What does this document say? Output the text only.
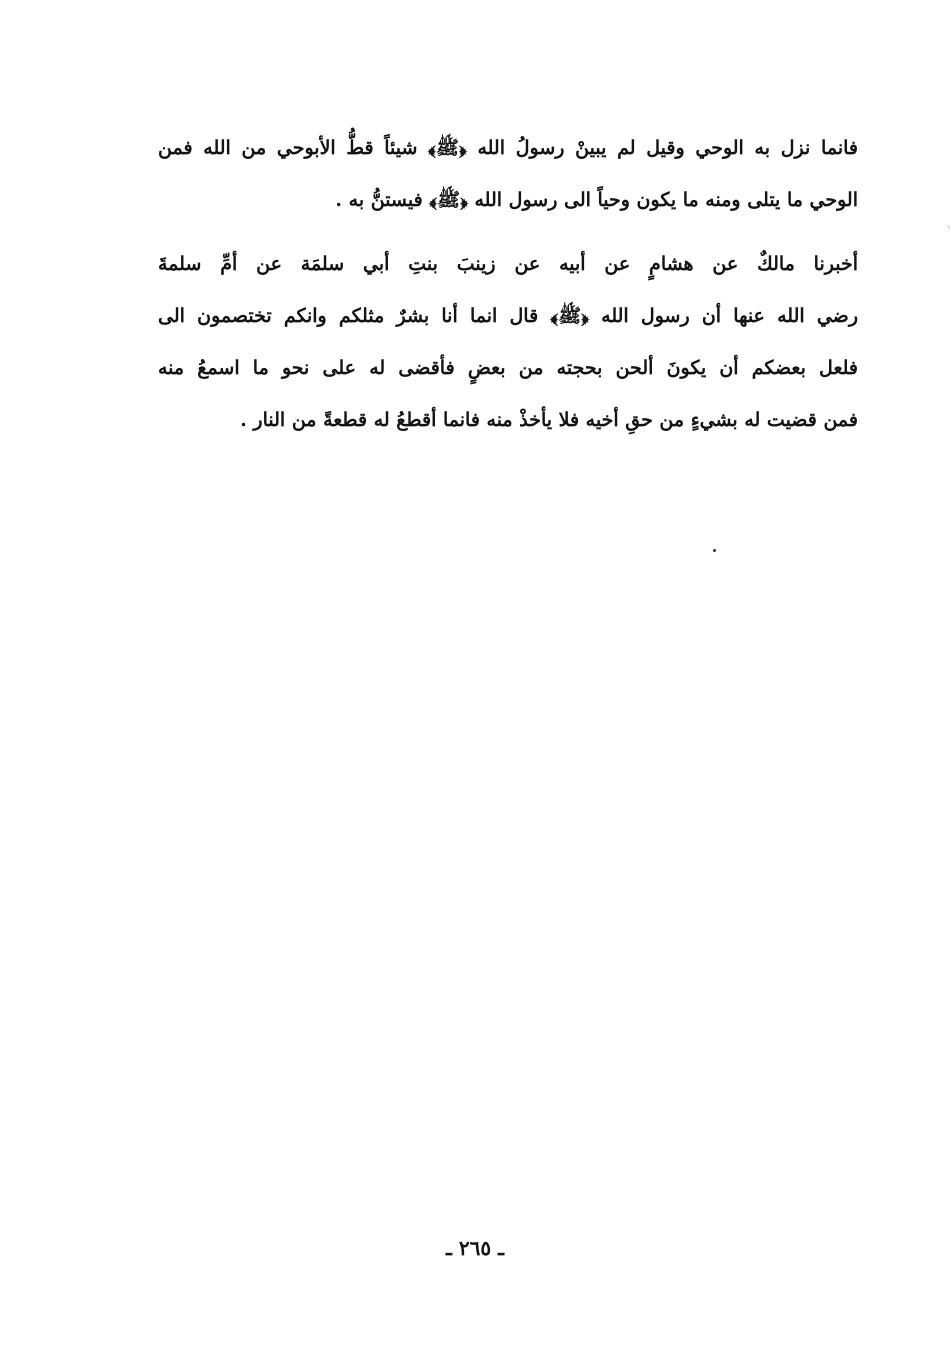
فانما نزل به الوحي وقيل لم يبينْ رسولُ الله ﴿ﷺ﴾ شيئاً قطُّ الأبوحي من الله فمن
الوحي ما يتلى ومنه ما يكون وحياً الى رسول الله ﴿ﷺ﴾ فيستنُّ به .
أخبرنا مالكٌ عن هشامٍ عن أبيه عن زينبَ بنتِ أبي سلمَة عن أمِّ سلمةَ
رضي الله عنها أن رسول الله ﴿ﷺ﴾ قال انما أنا بشرٌ مثلكم وانكم تختصمون الى
فلعل بعضكم أن يكونَ ألحن بحجته من بعضٍ فأقضى له على نحو ما اسمعُ منه
فمن قضيت له بشيءٍ من حقِ أخيه فلا يأخذْ منه فانما أقطعُ له قطعةً من النار .
ـ ٢٦٥ ـ
